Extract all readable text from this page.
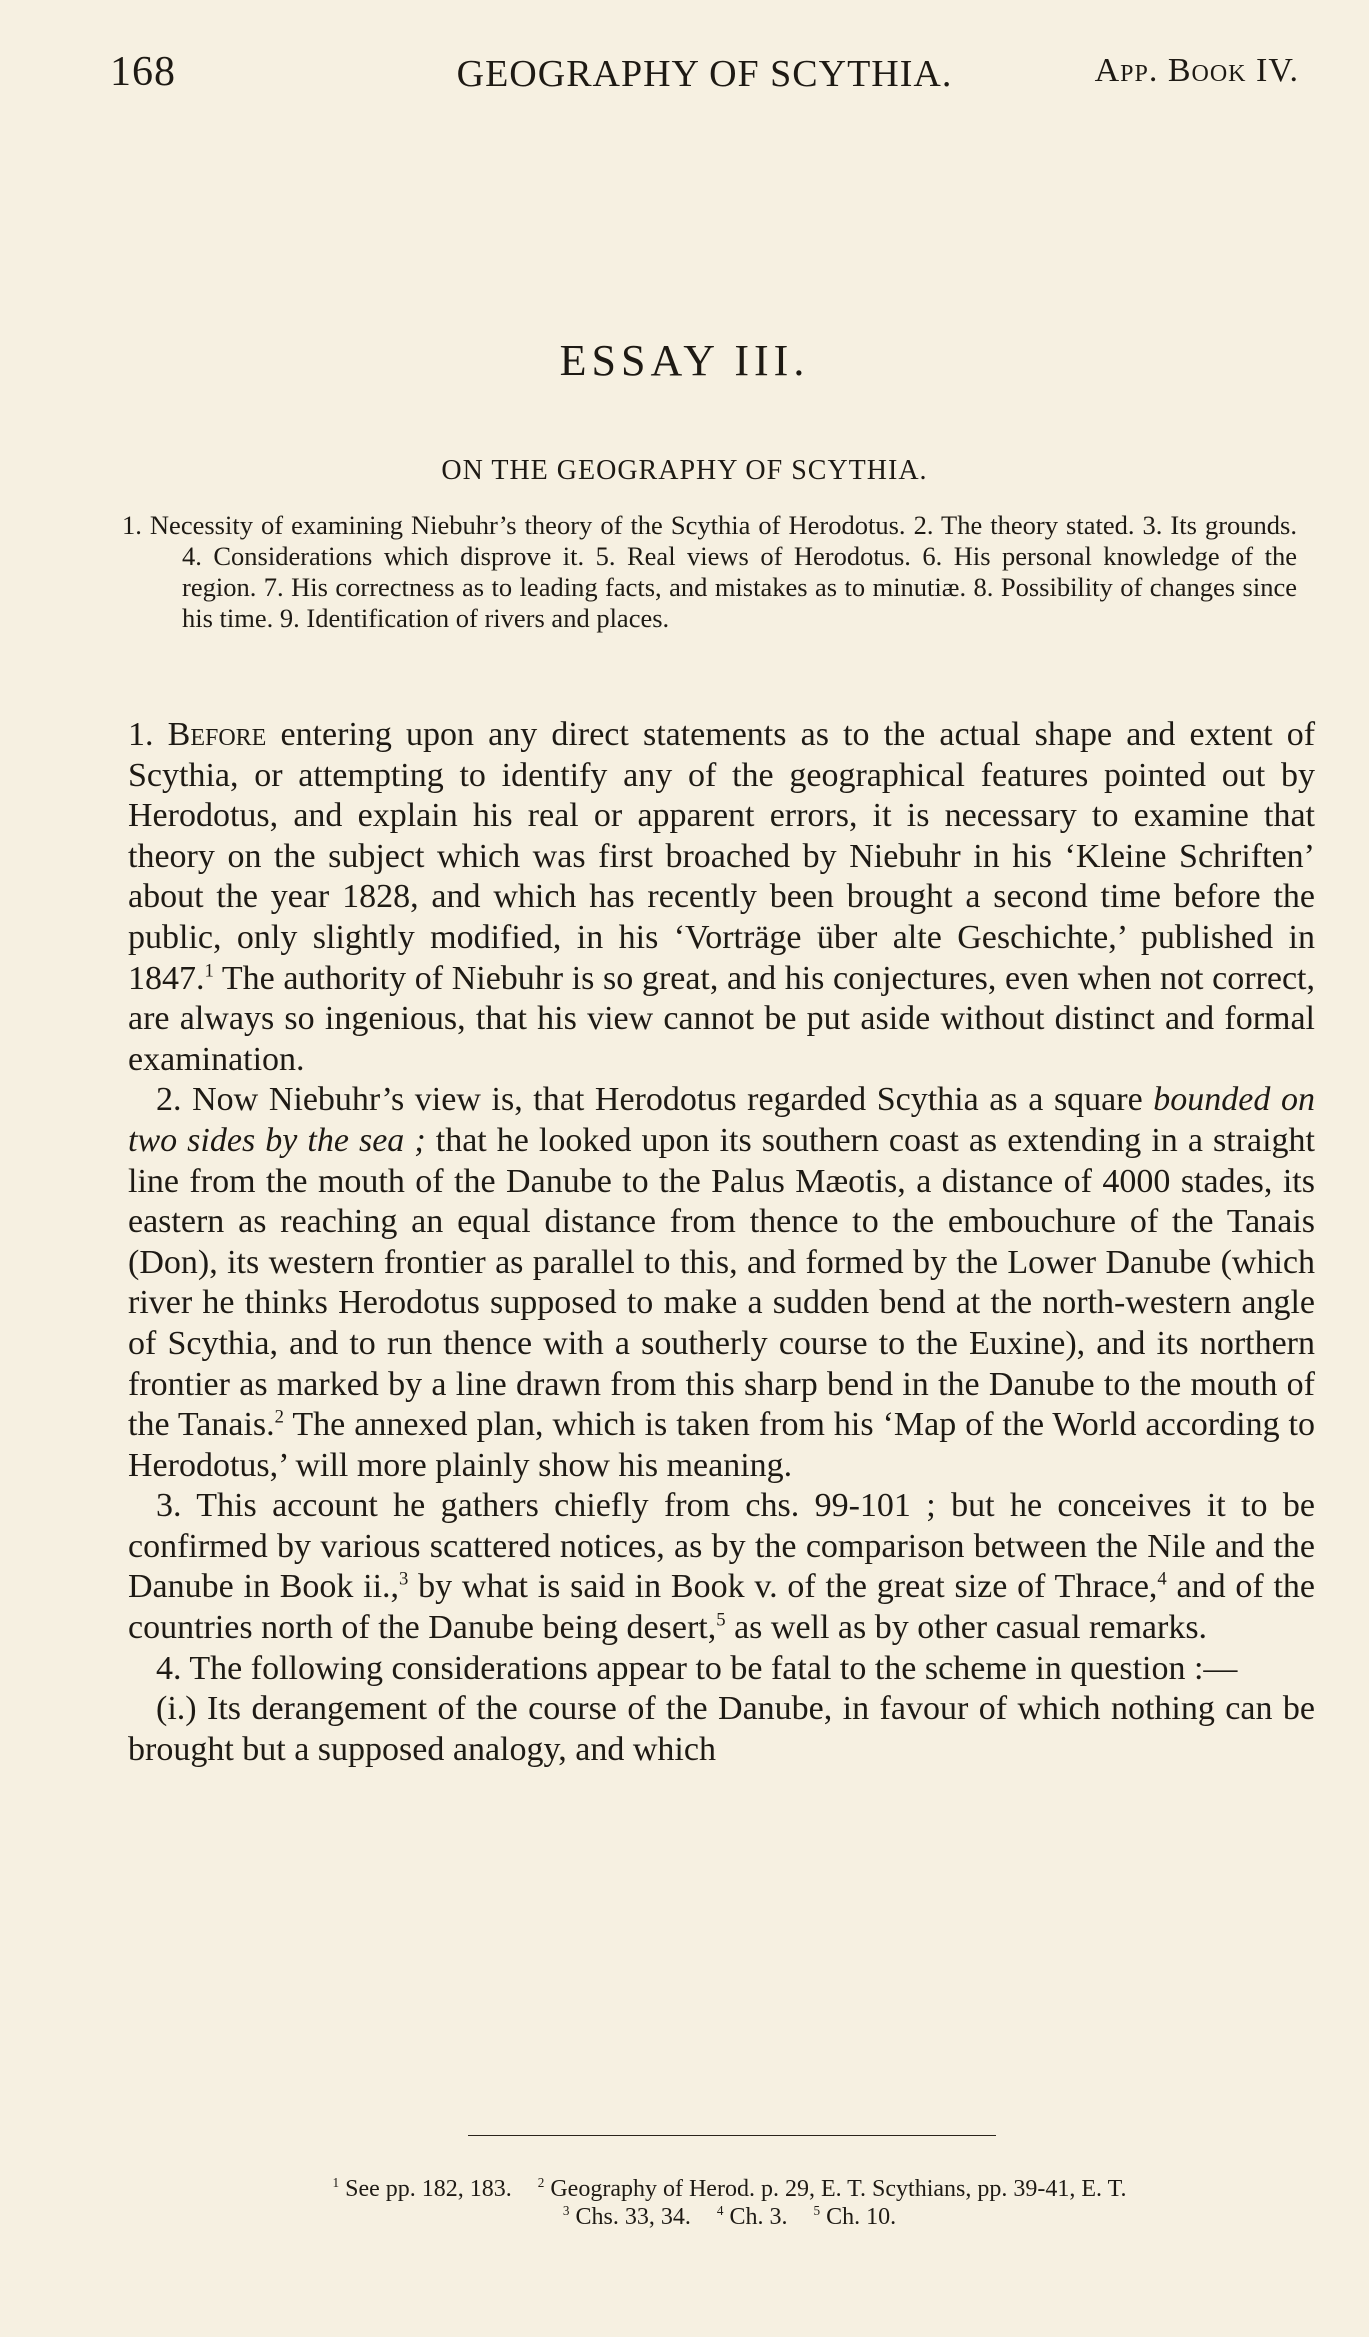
168	GEOGRAPHY OF SCYTHIA.	App. Book IV.
ESSAY III.
ON THE GEOGRAPHY OF SCYTHIA.
1. Necessity of examining Niebuhr’s theory of the Scythia of Herodotus. 2. The theory stated. 3. Its grounds. 4. Considerations which disprove it. 5. Real views of Herodotus. 6. His personal knowledge of the region. 7. His correctness as to leading facts, and mistakes as to minutiæ. 8. Possibility of changes since his time. 9. Identification of rivers and places.

1. Before entering upon any direct statements as to the actual shape and extent of Scythia, or attempting to identify any of the geographical features pointed out by Herodotus, and explain his real or apparent errors, it is necessary to examine that theory on the subject which was first broached by Niebuhr in his ‘Kleine Schriften’ about the year 1828, and which has recently been brought a second time before the public, only slightly modified, in his ‘Vorträge über alte Geschichte,’ published in 1847.$^1$ The authority of Niebuhr is so great, and his conjectures, even when not correct, are always so ingenious, that his view cannot be put aside without distinct and formal examination.

2. Now Niebuhr’s view is, that Herodotus regarded Scythia as a square bounded on two sides by the sea ; that he looked upon its southern coast as extending in a straight line from the mouth of the Danube to the Palus Mæotis, a distance of 4000 stades, its eastern as reaching an equal distance from thence to the embouchure of the Tanais (Don), its western frontier as parallel to this, and formed by the Lower Danube (which river he thinks Herodotus supposed to make a sudden bend at the north-western angle of Scythia, and to run thence with a southerly course to the Euxine), and its northern frontier as marked by a line drawn from this sharp bend in the Danube to the mouth of the Tanais.$^2$ The annexed plan, which is taken from his ‘Map of the World according to Herodotus,’ will more plainly show his meaning.

3. This account he gathers chiefly from chs. 99-101 ; but he conceives it to be confirmed by various scattered notices, as by the comparison between the Nile and the Danube in Book ii.,$^3$ by what is said in Book v. of the great size of Thrace,$^4$ and of the countries north of the Danube being desert,$^5$ as well as by other casual remarks.

4. The following considerations appear to be fatal to the scheme in question :—

(i.) Its derangement of the course of the Danube, in favour of which nothing can be brought but a supposed analogy, and which

$^1$ See pp. 182, 183. $^2$ Geography of Herod. p. 29, E. T. Scythians, pp. 39-41, E. T.
$^3$ Chs. 33, 34. $^4$ Ch. 3. $^5$ Ch. 10.
